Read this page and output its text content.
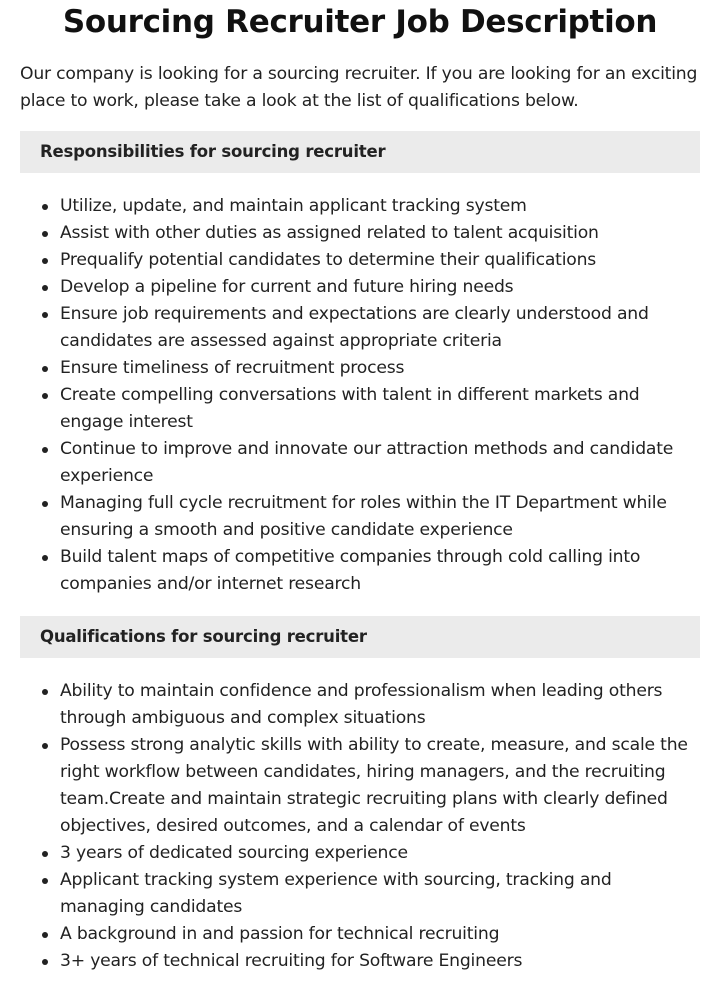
Sourcing Recruiter Job Description

Our company is looking for a sourcing recruiter. If you are looking for an exciting place to work, please take a look at the list of qualifications below.

Responsibilities for sourcing recruiter
Utilize, update, and maintain applicant tracking system
Assist with other duties as assigned related to talent acquisition
Prequalify potential candidates to determine their qualifications
Develop a pipeline for current and future hiring needs
Ensure job requirements and expectations are clearly understood and candidates are assessed against appropriate criteria
Ensure timeliness of recruitment process
Create compelling conversations with talent in different markets and engage interest
Continue to improve and innovate our attraction methods and candidate experience
Managing full cycle recruitment for roles within the IT Department while ensuring a smooth and positive candidate experience
Build talent maps of competitive companies through cold calling into companies and/or internet research
Qualifications for sourcing recruiter
Ability to maintain confidence and professionalism when leading others through ambiguous and complex situations
Possess strong analytic skills with ability to create, measure, and scale the right workflow between candidates, hiring managers, and the recruiting team.Create and maintain strategic recruiting plans with clearly defined objectives, desired outcomes, and a calendar of events
3 years of dedicated sourcing experience
Applicant tracking system experience with sourcing, tracking and managing candidates
A background in and passion for technical recruiting
3+ years of technical recruiting for Software Engineers
